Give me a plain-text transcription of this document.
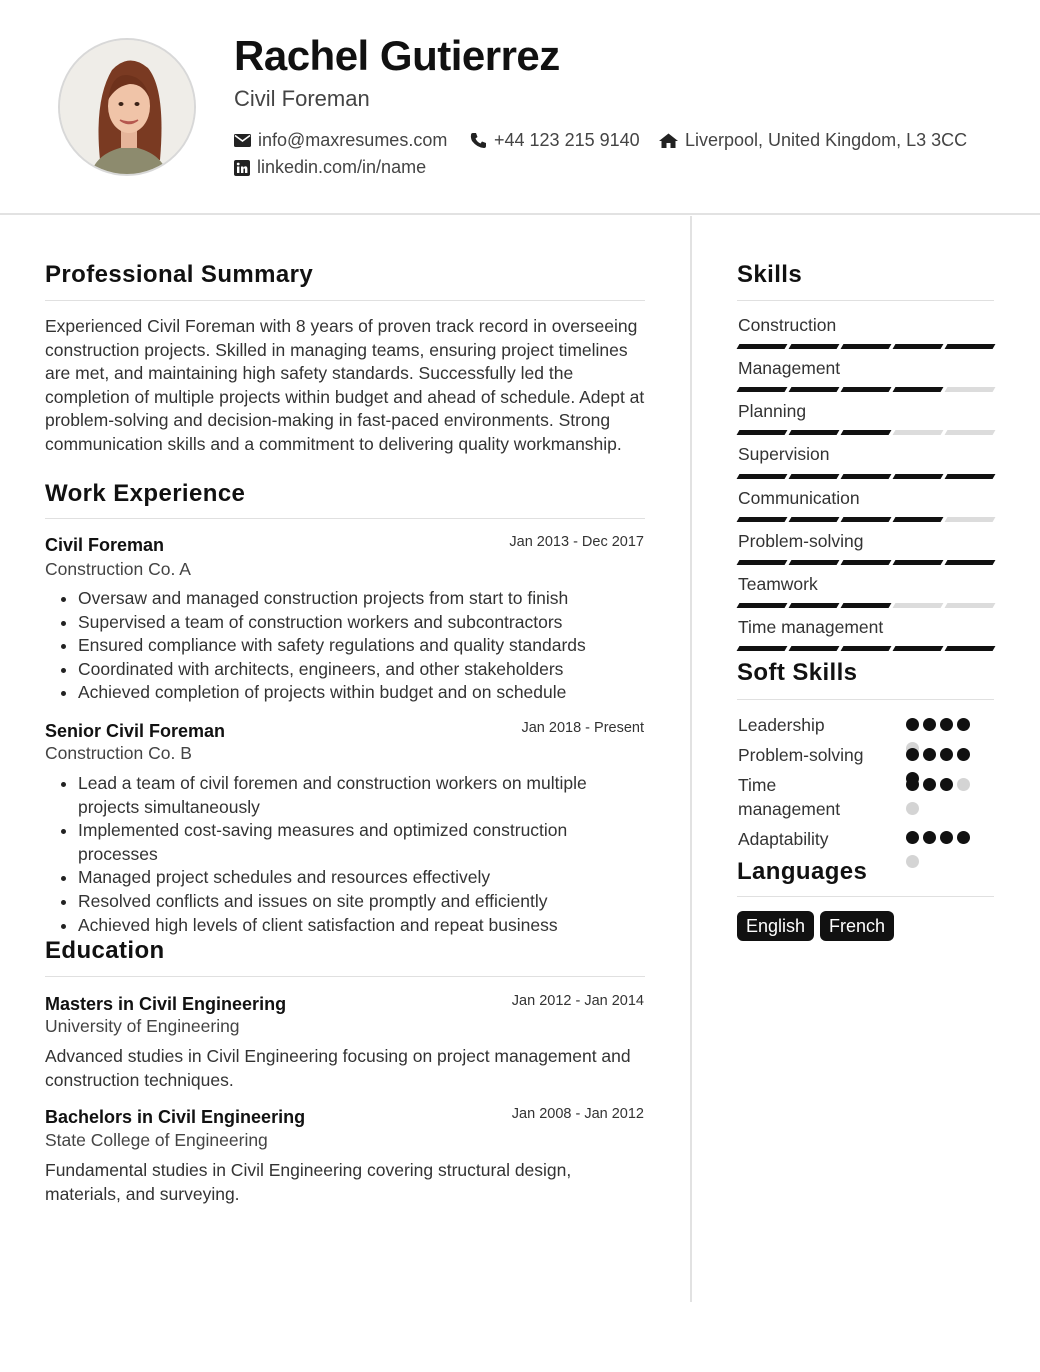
Rachel Gutierrez
Civil Foreman
info@maxresumes.com	+44 123 215 9140	Liverpool, United Kingdom, L3 3CC
linkedin.com/in/name
Professional Summary
Experienced Civil Foreman with 8 years of proven track record in overseeing construction projects. Skilled in managing teams, ensuring project timelines are met, and maintaining high safety standards. Successfully led the completion of multiple projects within budget and ahead of schedule. Adept at problem-solving and decision-making in fast-paced environments. Strong communication skills and a commitment to delivering quality workmanship.
Work Experience
Civil Foreman	Jan 2013 - Dec 2017
Construction Co. A
Oversaw and managed construction projects from start to finish
Supervised a team of construction workers and subcontractors
Ensured compliance with safety regulations and quality standards
Coordinated with architects, engineers, and other stakeholders
Achieved completion of projects within budget and on schedule
Senior Civil Foreman	Jan 2018 - Present
Construction Co. B
Lead a team of civil foremen and construction workers on multiple projects simultaneously
Implemented cost-saving measures and optimized construction processes
Managed project schedules and resources effectively
Resolved conflicts and issues on site promptly and efficiently
Achieved high levels of client satisfaction and repeat business
Education
Masters in Civil Engineering	Jan 2012 - Jan 2014
University of Engineering
Advanced studies in Civil Engineering focusing on project management and construction techniques.
Bachelors in Civil Engineering	Jan 2008 - Jan 2012
State College of Engineering
Fundamental studies in Civil Engineering covering structural design, materials, and surveying.
Skills
Construction
Management
Planning
Supervision
Communication
Problem-solving
Teamwork
Time management
Soft Skills
Leadership
Problem-solving
Time management
Adaptability
Languages
English	French
